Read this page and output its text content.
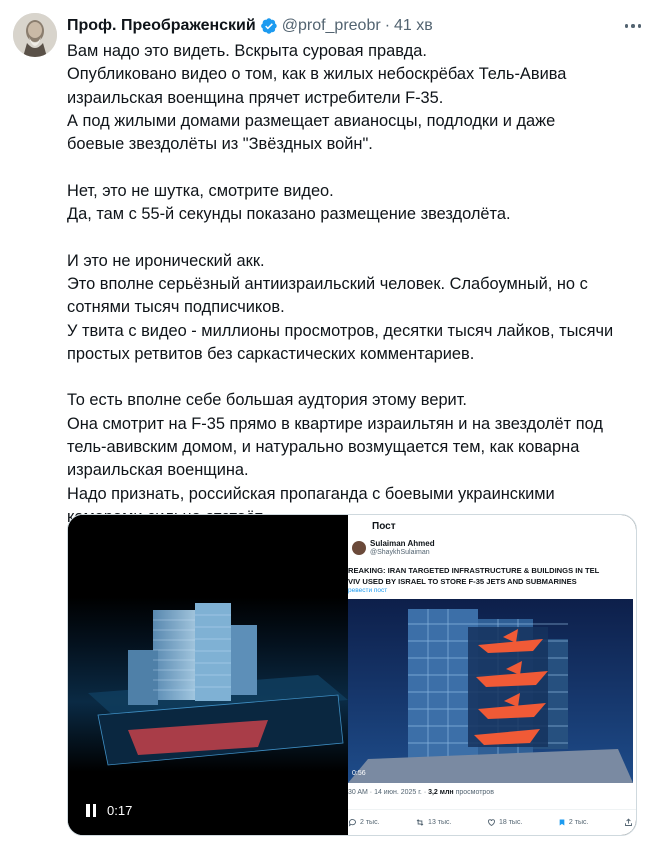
Проф. Преображенский @prof_preobr · 41 хв

Вам надо это видеть. Вскрыта суровая правда.

Опубликовано видео о том, как в жилых небоскрёбах Тель-Авива

израильская военщина прячет истребители F-35.

А под жилыми домами размещает авианосцы, подлодки и даже

боевые звездолёты из "Звёздных войн".

Нет, это не шутка, смотрите видео.

Да, там с 55-й секунды показано размещение звездолёта.

И это не иронический акк.

Это вполне серьёзный антиизраильский человек. Слабоумный, но с

сотнями тысяч подписчиков.

У твита с видео - миллионы просмотров, десятки тысяч лайков, тысячи

простых ретвитов без саркастических комментариев.

То есть вполне себе большая аудтория этому верит.

Она смотрит на F-35 прямо в квартире израильтян и на звездолёт под

тель-авивским домом, и натурально возмущается тем, как коварна

израильская военщина.

Надо признать, российская пропаганда с боевыми украинскими

Пост
Sulaiman Ahmed
@ShaykhSulaiman

REAKING: IRAN TARGETED INFRASTRUCTURE & BUILDINGS IN TEL

VIV USED BY ISRAEL TO STORE F-35 JETS AND SUBMARINES

ревести пост
0:56
30 AM · 14 июн. 2025 г. · 3,2 млн просмотров
2 тыс.	13 тыс.	18 тыс.	2 тыс.
0:17
